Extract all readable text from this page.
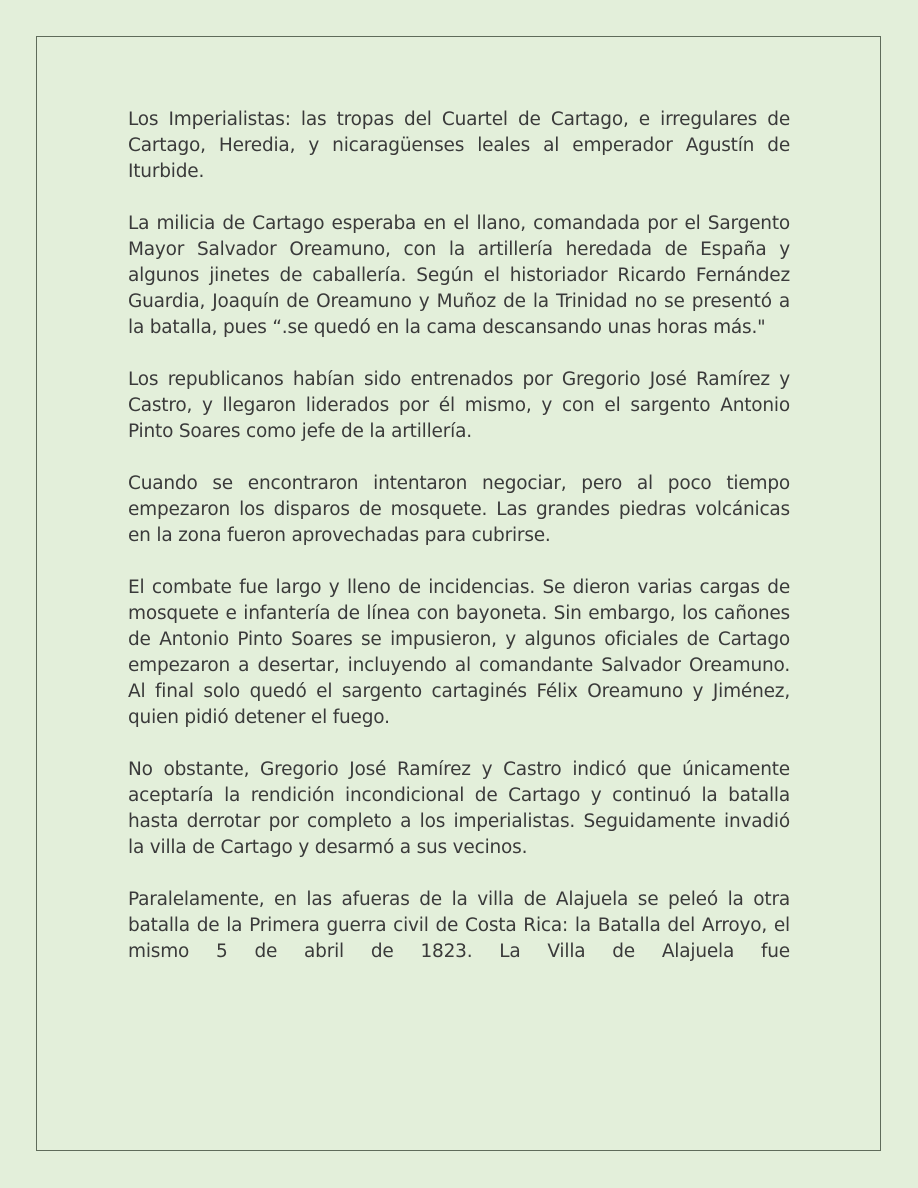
Los Imperialistas: las tropas del Cuartel de Cartago, e irregulares de Cartago, Heredia, y nicaragüenses leales al emperador Agustín de Iturbide.

La milicia de Cartago esperaba en el llano, comandada por el Sargento Mayor Salvador Oreamuno, con la artillería heredada de España y algunos jinetes de caballería. Según el historiador Ricardo Fernández Guardia, Joaquín de Oreamuno y Muñoz de la Trinidad no se presentó a la batalla, pues “.se quedó en la cama descansando unas horas más."

Los republicanos habían sido entrenados por Gregorio José Ramírez y Castro, y llegaron liderados por él mismo, y con el sargento Antonio Pinto Soares como jefe de la artillería.

Cuando se encontraron intentaron negociar, pero al poco tiempo empezaron los disparos de mosquete. Las grandes piedras volcánicas en la zona fueron aprovechadas para cubrirse.

El combate fue largo y lleno de incidencias. Se dieron varias cargas de mosquete e infantería de línea con bayoneta. Sin embargo, los cañones de Antonio Pinto Soares se impusieron, y algunos oficiales de Cartago empezaron a desertar, incluyendo al comandante Salvador Oreamuno. Al final solo quedó el sargento cartaginés Félix Oreamuno y Jiménez, quien pidió detener el fuego.

No obstante, Gregorio José Ramírez y Castro indicó que únicamente aceptaría la rendición incondicional de Cartago y continuó la batalla hasta derrotar por completo a los imperialistas. Seguidamente invadió la villa de Cartago y desarmó a sus vecinos.

Paralelamente, en las afueras de la villa de Alajuela se peleó la otra batalla de la Primera guerra civil de Costa Rica: la Batalla del Arroyo, el mismo 5 de abril de 1823. La Villa de Alajuela fue
